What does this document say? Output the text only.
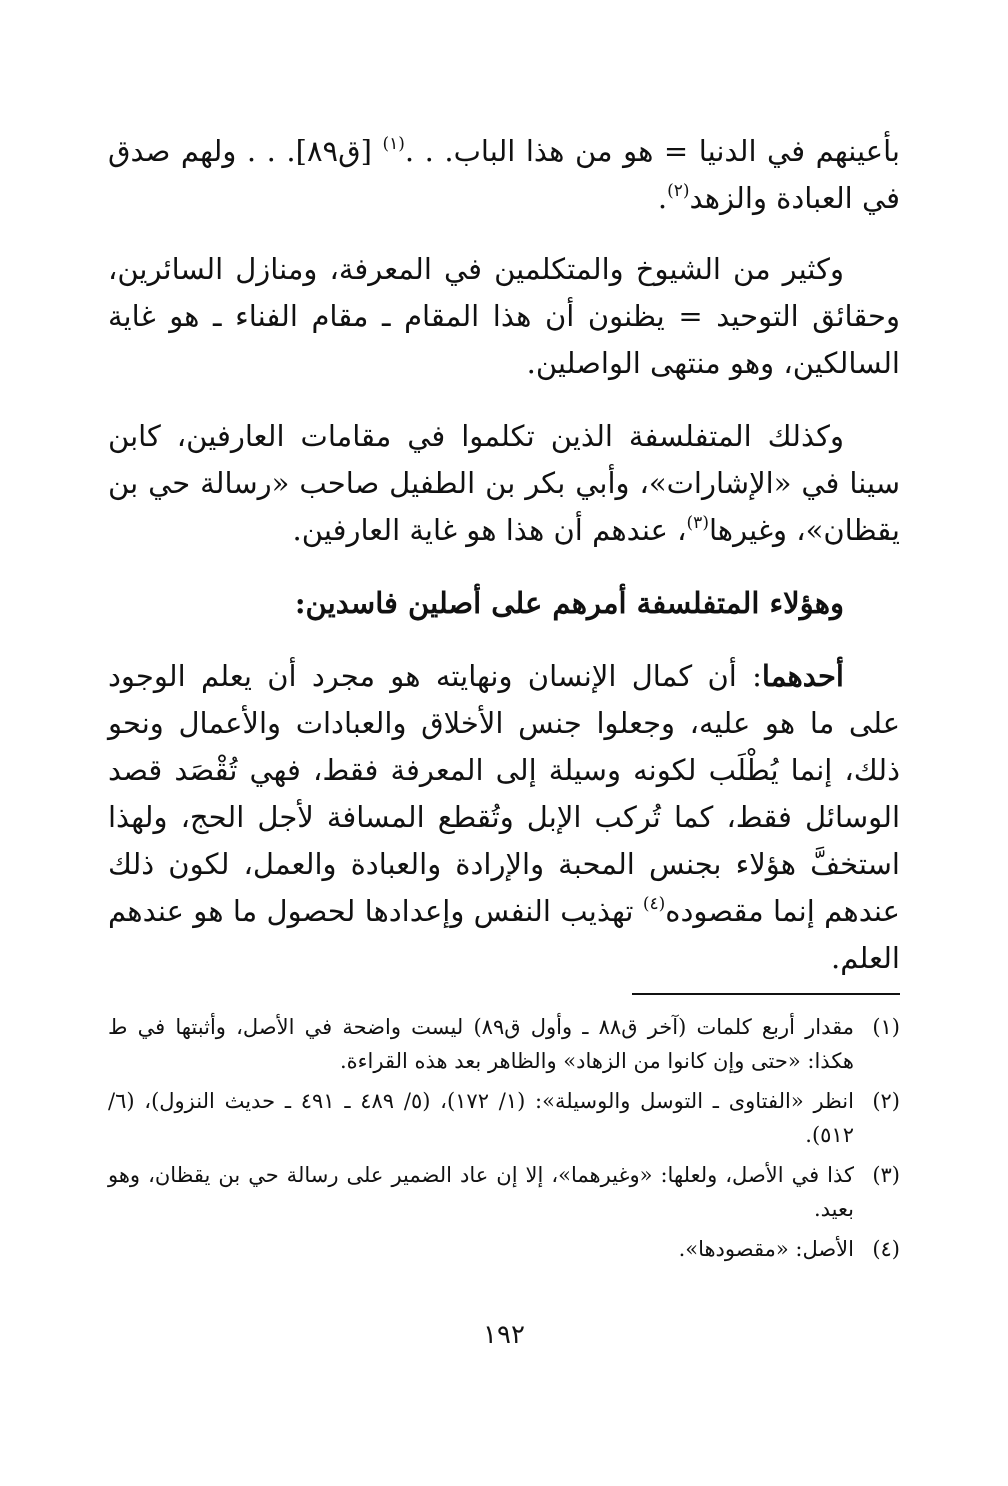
بأعينهم في الدنيا = هو من هذا الباب. . .$^{(١)}$ [ق٨٩]. . . ولهم صدق في العبادة والزهد$^{(٢)}$.

وكثير من الشيوخ والمتكلمين في المعرفة، ومنازل السائرين، وحقائق التوحيد = يظنون أن هذا المقام ـ مقام الفناء ـ هو غاية السالكين، وهو منتهى الواصلين.

وكذلك المتفلسفة الذين تكلموا في مقامات العارفين، كابن سينا في «الإشارات»، وأبي بكر بن الطفيل صاحب «رسالة حي بن يقظان»، وغيرها$^{(٣)}$، عندهم أن هذا هو غاية العارفين.

وهؤلاء المتفلسفة أمرهم على أصلين فاسدين:

أحدهما: أن كمال الإنسان ونهايته هو مجرد أن يعلم الوجود على ما هو عليه، وجعلوا جنس الأخلاق والعبادات والأعمال ونحو ذلك، إنما يُطْلَب لكونه وسيلة إلى المعرفة فقط، فهي تُقْصَد قصد الوسائل فقط، كما تُركب الإبل وتُقطع المسافة لأجل الحج، ولهذا استخفَّ هؤلاء بجنس المحبة والإرادة والعبادة والعمل، لكون ذلك عندهم إنما مقصوده$^{(٤)}$ تهذيب النفس وإعدادها لحصول ما هو عندهم العلم.

(١)
مقدار أربع كلمات (آخر ق٨٨ ـ وأول ق٨٩) ليست واضحة في الأصل، وأثبتها في ط هكذا: «حتى وإن كانوا من الزهاد» والظاهر بعد هذه القراءة.
(٢)
انظر «الفتاوى ـ التوسل والوسيلة»: (١/ ١٧٢)، (٥/ ٤٨٩ ـ ٤٩١ ـ حديث النزول)، (٦/ ٥١٢).
(٣)
كذا في الأصل، ولعلها: «وغيرهما»، إلا إن عاد الضمير على رسالة حي بن يقظان، وهو بعيد.
(٤)
الأصل: «مقصودها».
١٩٢
